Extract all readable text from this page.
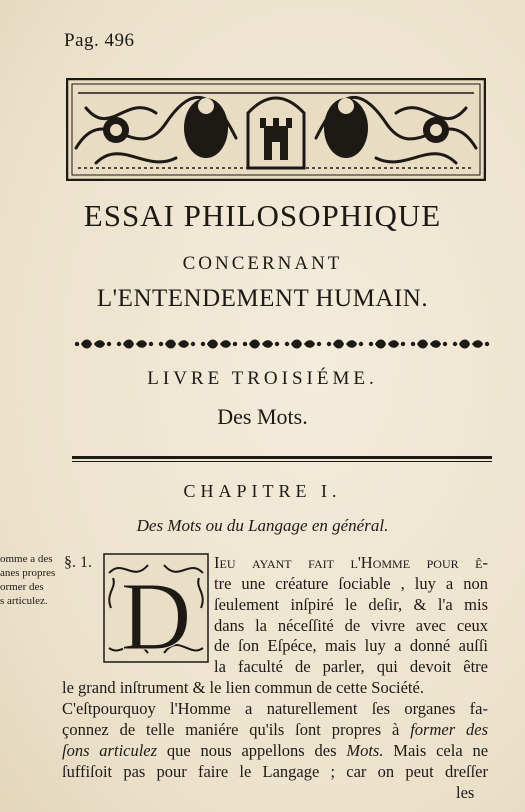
Pag. 496
ESSAI PHILOSOPHIQUE
CONCERNANT
L'ENTENDEMENT HUMAIN.
LIVRE TROISIÉME.
Des Mots.
CHAPITRE I.
Des Mots ou du Langage en général.
omme a des
anes propres
ormer des
s articulez.
§. 1.
D
Ieu ayant fait l'Homme pour ê-
tre une créature ſociable , luy a non
ſeulement inſpiré le deſir, & l'a mis
dans la néceſſité de vivre avec ceux
de ſon Eſpéce, mais luy a donné auſſi
la faculté de parler, qui devoit être
le grand inſtrument & le lien commun de cette Société.
C'eſtpourquoy l'Homme a naturellement ſes organes fa-
çonnez de telle maniére qu'ils ſont propres à former des
ſons articulez que nous appellons des Mots. Mais cela ne
ſuffiſoit pas pour faire le Langage ; car on peut dreſſer
les
